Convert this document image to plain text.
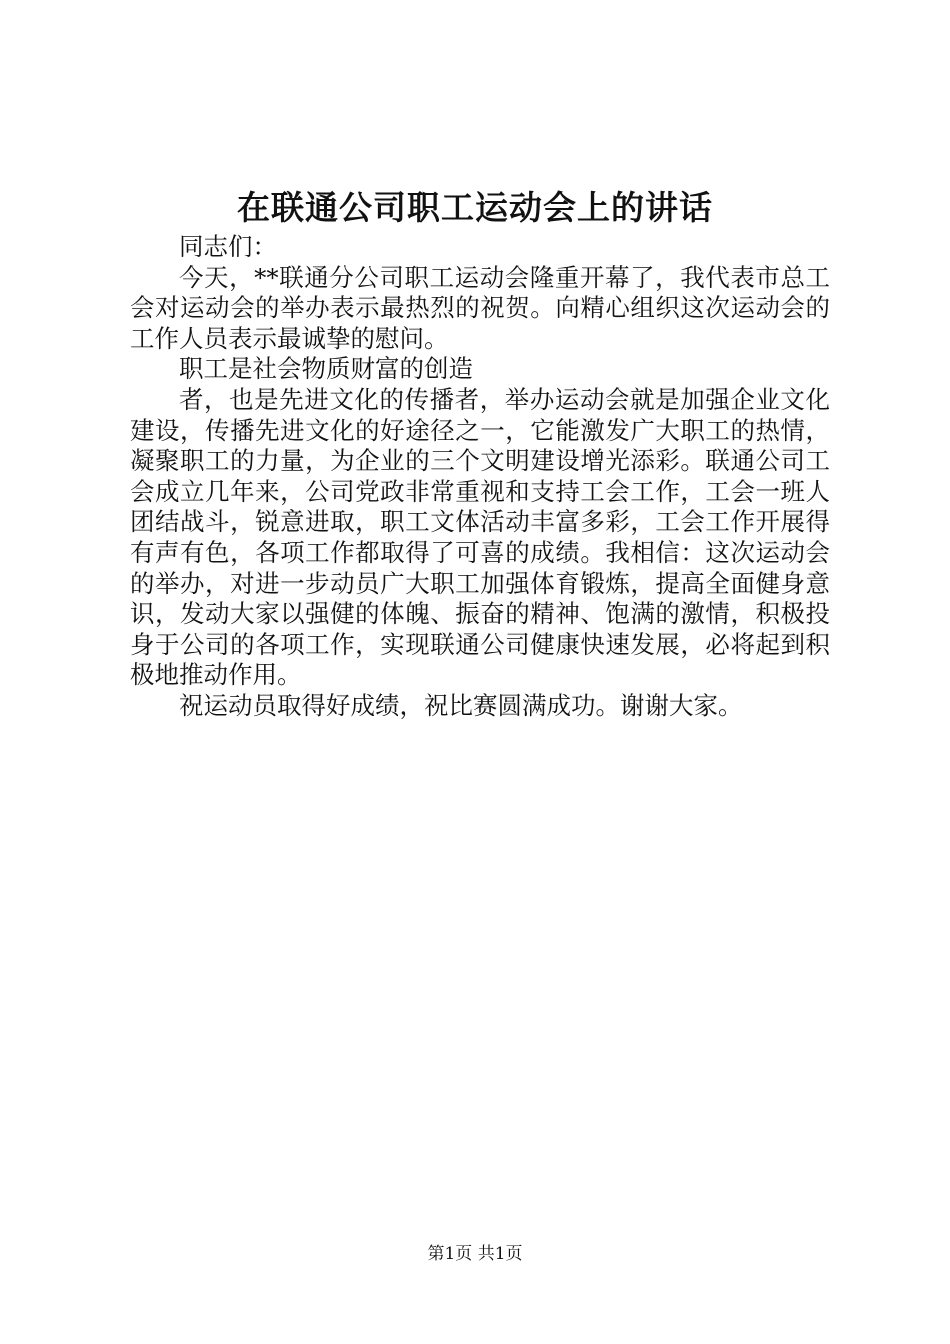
在联通公司职工运动会上的讲话

同志们：

今天，**联通分公司职工运动会隆重开幕了，我代表市总工会对运动会的举办表示最热烈的祝贺。向精心组织这次运动会的工作人员表示最诚挚的慰问。

职工是社会物质财富的创造

者，也是先进文化的传播者，举办运动会就是加强企业文化建设，传播先进文化的好途径之一，它能激发广大职工的热情，凝聚职工的力量，为企业的三个文明建设增光添彩。联通公司工会成立几年来，公司党政非常重视和支持工会工作，工会一班人团结战斗，锐意进取，职工文体活动丰富多彩，工会工作开展得有声有色，各项工作都取得了可喜的成绩。我相信：这次运动会的举办，对进一步动员广大职工加强体育锻炼，提高全面健身意识，发动大家以强健的体魄、振奋的精神、饱满的激情，积极投身于公司的各项工作，实现联通公司健康快速发展，必将起到积极地推动作用。

祝运动员取得好成绩，祝比赛圆满成功。谢谢大家。

第1页 共1页
